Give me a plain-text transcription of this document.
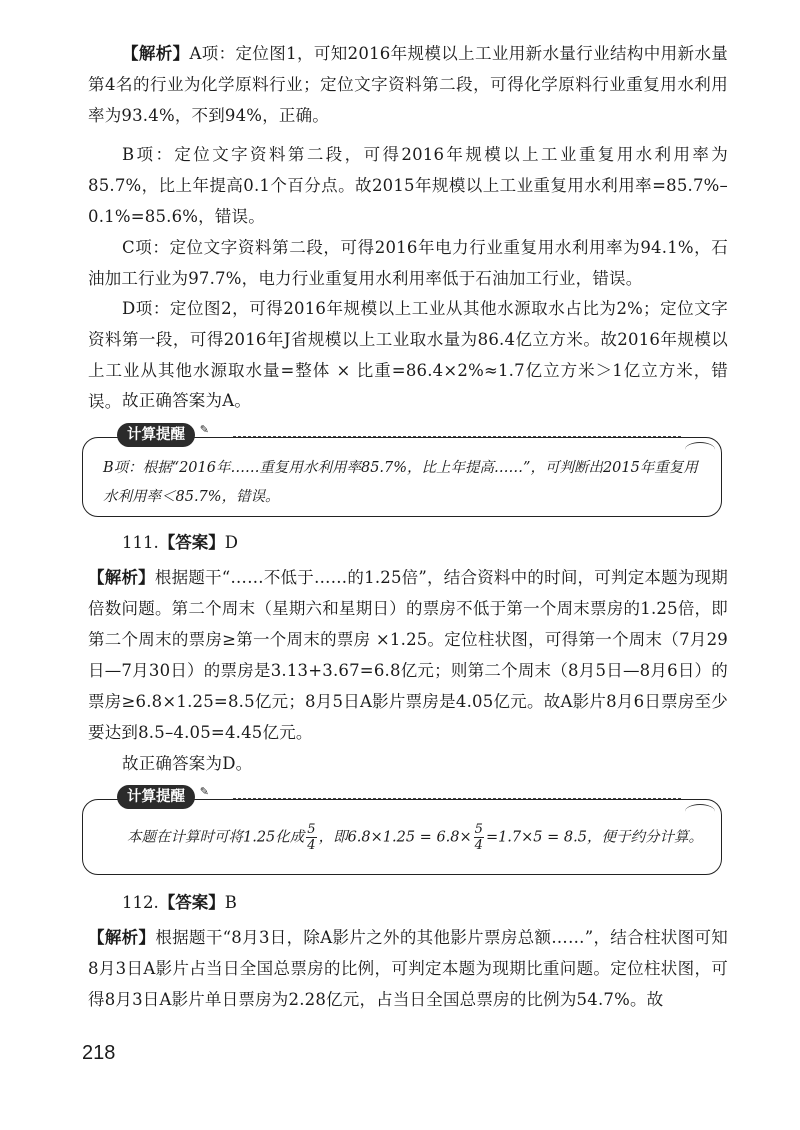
【解析】A项：定位图1，可知2016年规模以上工业用新水量行业结构中用新水量第4名的行业为化学原料行业；定位文字资料第二段，可得化学原料行业重复用水利用率为93.4%，不到94%，正确。

B项：定位文字资料第二段，可得2016年规模以上工业重复用水利用率为85.7%，比上年提高0.1个百分点。故2015年规模以上工业重复用水利用率=85.7%–0.1%=85.6%，错误。

C项：定位文字资料第二段，可得2016年电力行业重复用水利用率为94.1%，石油加工行业为97.7%，电力行业重复用水利用率低于石油加工行业，错误。

D项：定位图2，可得2016年规模以上工业从其他水源取水占比为2%；定位文字资料第一段，可得2016年J省规模以上工业取水量为86.4亿立方米。故2016年规模以上工业从其他水源取水量=整体 × 比重=86.4×2%≈1.7亿立方米＞1亿立方米，错误。 故正确答案为A。

计算提醒 ✎
B项：根据“2016年……重复用水利用率85.7%，比上年提高……”，可判断出2015年重复用水利用率＜85.7%，错误。
111.【答案】D

【解析】根据题干“……不低于……的1.25倍”，结合资料中的时间，可判定本题为现期倍数问题。第二个周末（星期六和星期日）的票房不低于第一个周末票房的1.25倍，即第二个周末的票房≥第一个周末的票房 ×1.25。定位柱状图，可得第一个周末（7月29日—7月30日）的票房是3.13+3.67=6.8亿元；则第二个周末（8月5日—8月6日）的票房≥6.8×1.25=8.5亿元；8月5日A影片票房是4.05亿元。故A影片8月6日票房至少要达到8.5–4.05=4.45亿元。

故正确答案为D。

计算提醒 ✎
本题在计算时可将1.25化成 $\frac{5}{4}$ ，即$6.8\times 1.25 = 6.8\times \frac{5}{4} =1.7\times 5 = 8.5$，便于约分计算。
112.【答案】B

【解析】根据题干“8月3日，除A影片之外的其他影片票房总额……”，结合柱状图可知8月3日A影片占当日全国总票房的比例，可判定本题为现期比重问题。定位柱状图，可得8月3日A影片单日票房为2.28亿元，占当日全国总票房的比例为54.7%。故

218
